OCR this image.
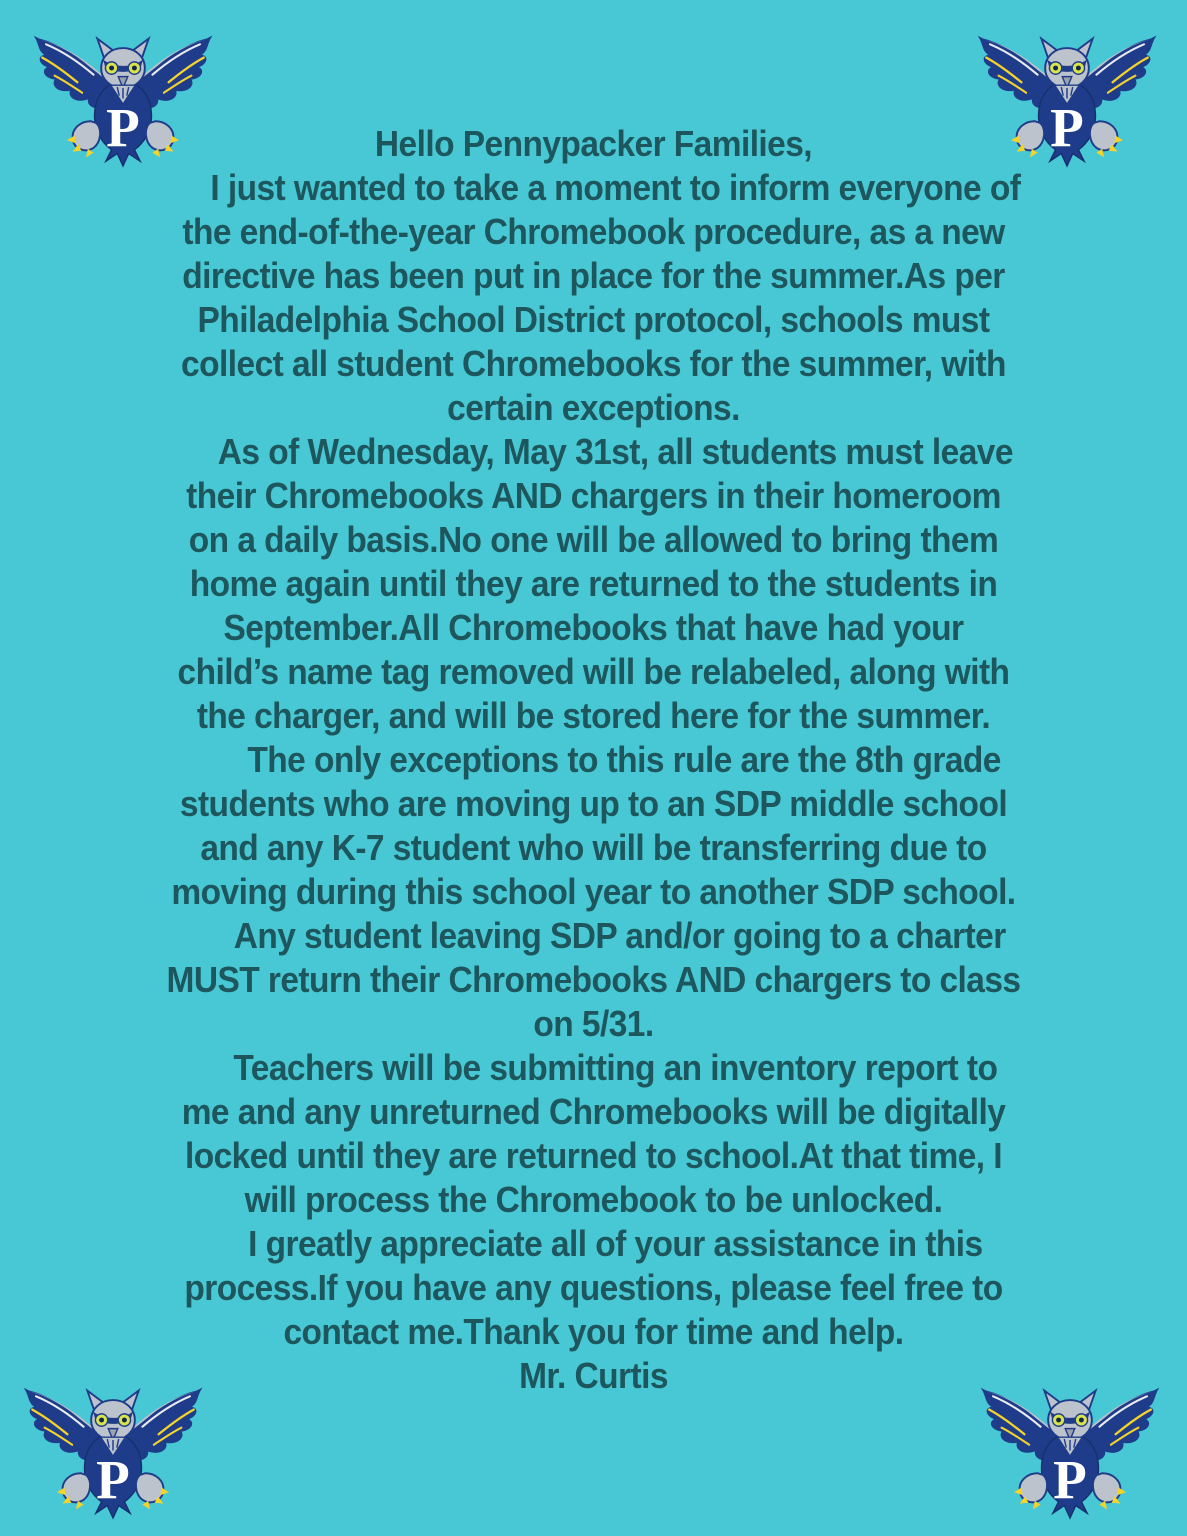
Hello Pennypacker Families,
I just wanted to take a moment to inform everyone of
the end-of-the-year Chromebook procedure, as a new
directive has been put in place for the summer.As per
Philadelphia School District protocol, schools must
collect all student Chromebooks for the summer, with
certain exceptions.
As of Wednesday, May 31st, all students must leave
their Chromebooks AND chargers in their homeroom
on a daily basis.No one will be allowed to bring them
home again until they are returned to the students in
September.All Chromebooks that have had your
child’s name tag removed will be relabeled, along with
the charger, and will be stored here for the summer.
The only exceptions to this rule are the 8th grade
students who are moving up to an SDP middle school
and any K-7 student who will be transferring due to
moving during this school year to another SDP school.
Any student leaving SDP and/or going to a charter
MUST return their Chromebooks AND chargers to class
on 5/31.
Teachers will be submitting an inventory report to
me and any unreturned Chromebooks will be digitally
locked until they are returned to school.At that time, I
will process the Chromebook to be unlocked.
I greatly appreciate all of your assistance in this
process.If you have any questions, please feel free to
contact me.Thank you for time and help.
Mr. Curtis
